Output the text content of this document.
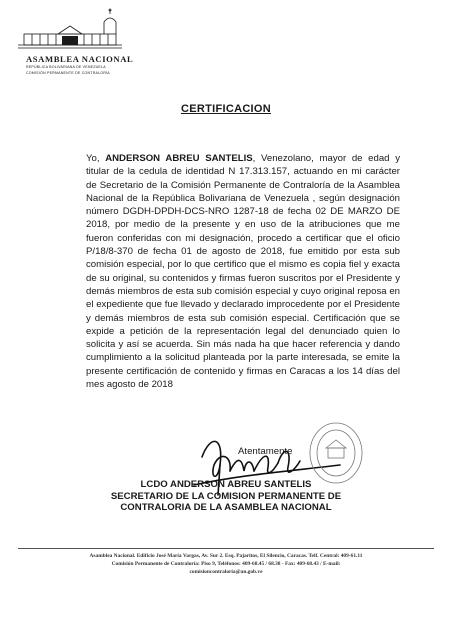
ASAMBLEA NACIONAL
REPÚBLICA BOLIVARIANA DE VENEZUELA
COMISIÓN PERMANENTE DE CONTRALORÍA
CERTIFICACION
Yo, ANDERSON ABREU SANTELIS, Venezolano, mayor de edad y titular de la cedula de identidad N 17.313.157, actuando en mi carácter de Secretario de la Comisión Permanente de Contraloría de la Asamblea Nacional de la República Bolivariana de Venezuela , según designación número DGDH-DPDH-DCS-NRO 1287-18 de fecha 02 DE MARZO DE 2018, por medio de la presente y en uso de la atribuciones que me fueron conferidas con mi designación, procedo a certificar que el oficio P/18/8-370 de fecha 01 de agosto de 2018, fue emitido por esta sub comisión especial, por lo que certifico que el mismo es copia fiel y exacta de su original, su contenidos y firmas fueron suscritos por el Presidente y demás miembros de esta sub comisión especial y cuyo original reposa en el expediente que fue llevado y declarado improcedente por el Presidente y demás miembros de esta sub comisión especial. Certificación que se expide a petición de la representación legal del denunciado quien lo solicita y así se acuerda. Sin más nada ha que hacer referencia y dando cumplimiento a la solicitud planteada por la parte interesada, se emite la presente certificación de contenido y firmas en Caracas a los 14 días del mes agosto de 2018
Atentamente
LCDO ANDERSON ABREU SANTELIS
SECRETARIO DE LA COMISION PERMANENTE DE
CONTRALORIA DE LA ASAMBLEA NACIONAL
Asamblea Nacional. Edificio José María Vargas, Av. Sur 2. Esq. Pajaritos, El Silencio, Caracas. Telf. Central: 409-61.11
Comisión Permanente de Contraloría: Piso 9, Teléfonos: 409-68.45 / 68.38 - Fax: 409-68.43 / E-mail:
comisioncontraloria@an.gob.ve
